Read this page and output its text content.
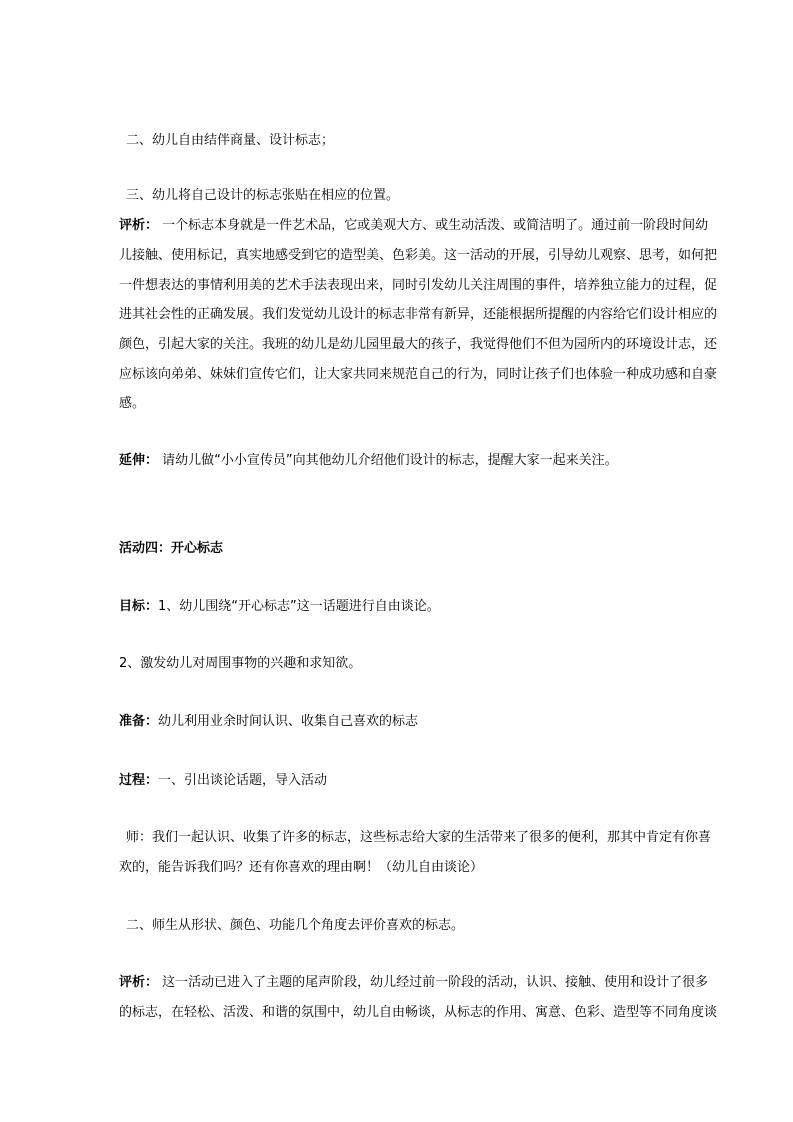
二、幼儿自由结伴商量、设计标志；
三、幼儿将自己设计的标志张贴在相应的位置。
评析： 一个标志本身就是一件艺术品，它或美观大方、或生动活泼、或简洁明了。通过前一阶段时间幼
儿接触、使用标记，真实地感受到它的造型美、色彩美。这一活动的开展，引导幼儿观察、思考，如何把
一件想表达的事情利用美的艺术手法表现出来，同时引发幼儿关注周围的事件，培养独立能力的过程，促
进其社会性的正确发展。我们发觉幼儿设计的标志非常有新异，还能根据所提醒的内容给它们设计相应的
颜色，引起大家的关注。我班的幼儿是幼儿园里最大的孩子，我觉得他们不但为园所内的环境设计志，还
应标该向弟弟、妹妹们宣传它们，让大家共同来规范自己的行为，同时让孩子们也体验一种成功感和自豪
感。
延伸： 请幼儿做“小小宣传员”向其他幼儿介绍他们设计的标志，提醒大家一起来关注。
活动四：开心标志
目标：1、幼儿围绕“开心标志”这一话题进行自由谈论。
2、激发幼儿对周围事物的兴趣和求知欲。
准备：幼儿利用业余时间认识、收集自己喜欢的标志
过程：一、引出谈论话题，导入活动
师：我们一起认识、收集了许多的标志，这些标志给大家的生活带来了很多的便利，那其中肯定有你喜
欢的，能告诉我们吗？还有你喜欢的理由啊！（幼儿自由谈论）
二、师生从形状、颜色、功能几个角度去评价喜欢的标志。
评析： 这一活动已进入了主题的尾声阶段，幼儿经过前一阶段的活动，认识、接触、使用和设计了很多
的标志，在轻松、活泼、和谐的氛围中，幼儿自由畅谈，从标志的作用、寓意、色彩、造型等不同角度谈
